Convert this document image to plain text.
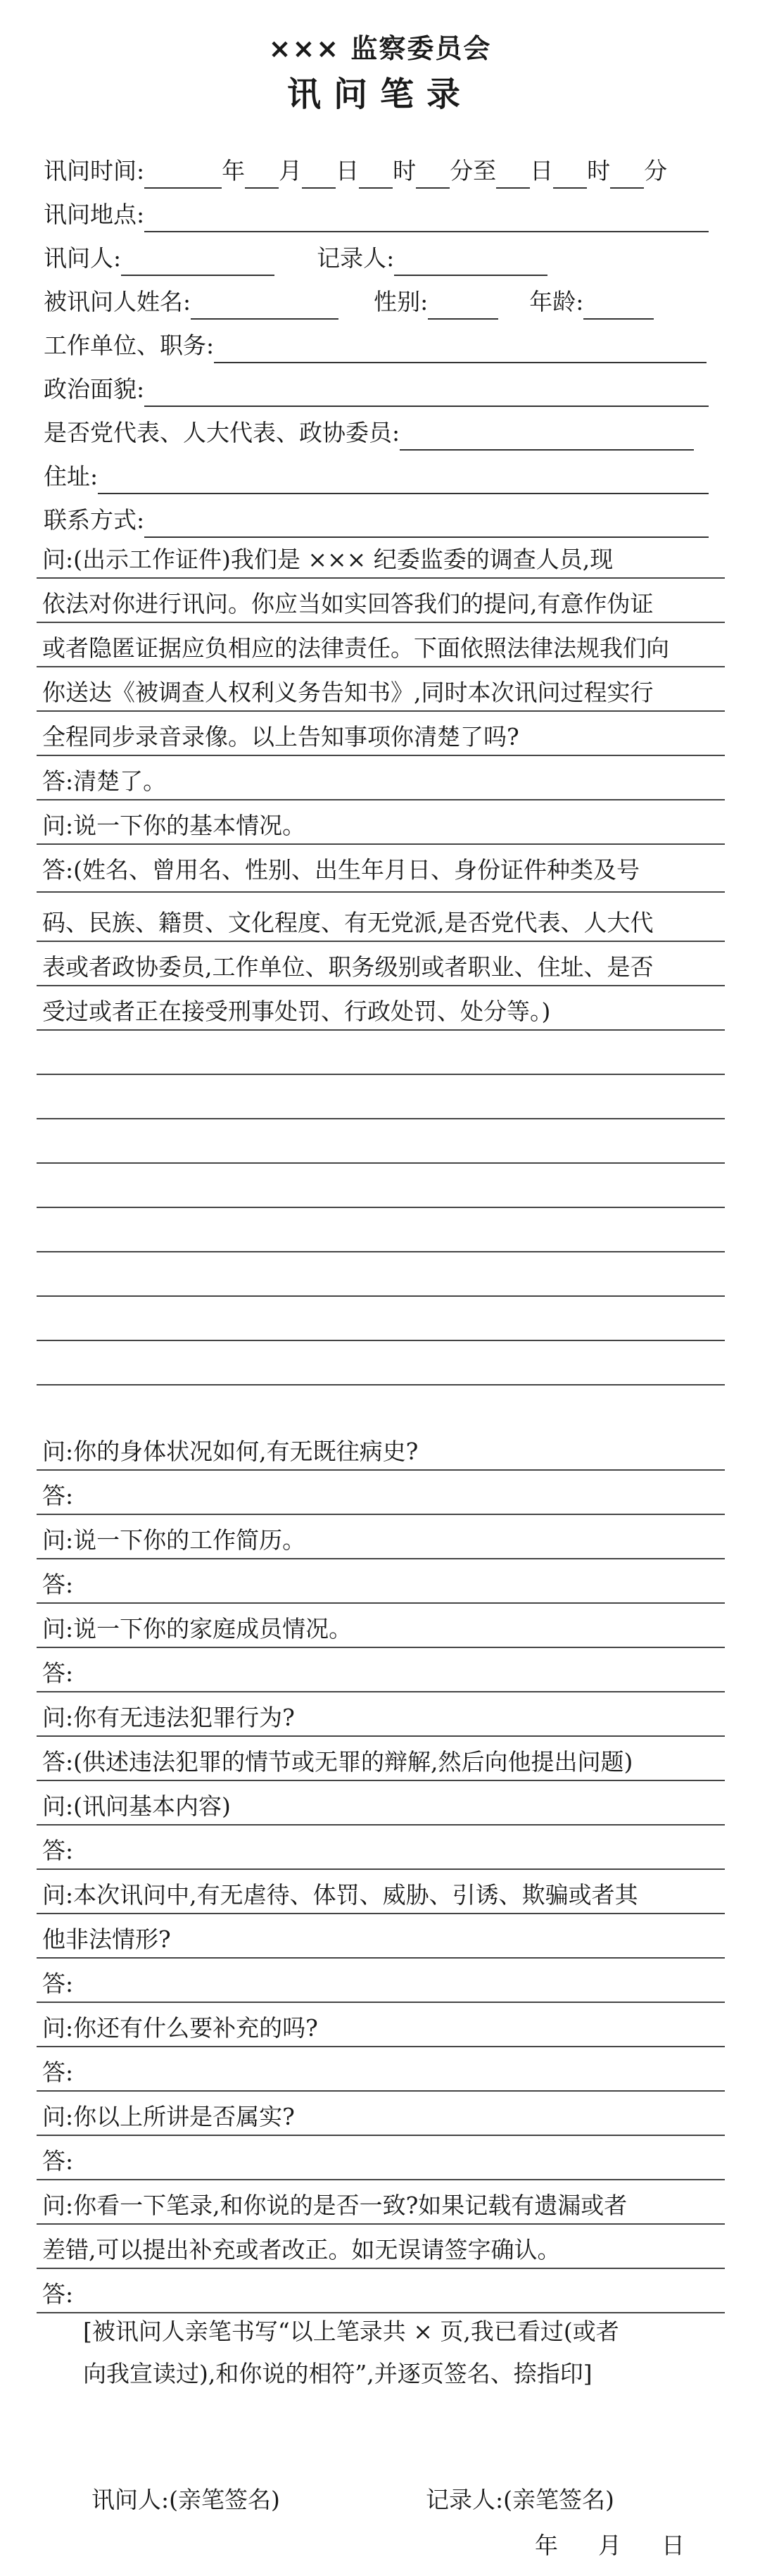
××× 监察委员会
讯问笔录
讯问时间:	年 月 日 时 分至 日 时 分
讯问地点:
讯问人:	记录人:
被讯问人姓名:	性别:	年龄:
工作单位、职务:
政治面貌:
是否党代表、人大代表、政协委员:
住址:
联系方式:
问:(出示工作证件)我们是 ××× 纪委监委的调查人员,现
依法对你进行讯问。你应当如实回答我们的提问,有意作伪证
或者隐匿证据应负相应的法律责任。下面依照法律法规我们向
你送达《被调查人权利义务告知书》,同时本次讯问过程实行
全程同步录音录像。以上告知事项你清楚了吗?
答:清楚了。
问:说一下你的基本情况。
答:(姓名、曾用名、性别、出生年月日、身份证件种类及号
码、民族、籍贯、文化程度、有无党派,是否党代表、人大代
表或者政协委员,工作单位、职务级别或者职业、住址、是否
受过或者正在接受刑事处罚、行政处罚、处分等。)
问:你的身体状况如何,有无既往病史?
答:
问:说一下你的工作简历。
答:
问:说一下你的家庭成员情况。
答:
问:你有无违法犯罪行为?
答:(供述违法犯罪的情节或无罪的辩解,然后向他提出问题)
问:(讯问基本内容)
答:
问:本次讯问中,有无虐待、体罚、威胁、引诱、欺骗或者其
他非法情形?
答:
问:你还有什么要补充的吗?
答:
问:你以上所讲是否属实?
答:
问:你看一下笔录,和你说的是否一致?如果记载有遗漏或者
差错,可以提出补充或者改正。如无误请签字确认。
答:
[被讯问人亲笔书写“以上笔录共 × 页,我已看过(或者
向我宣读过),和你说的相符”,并逐页签名、捺指印]
讯问人:(亲笔签名)	记录人:(亲笔签名)
年 月 日
